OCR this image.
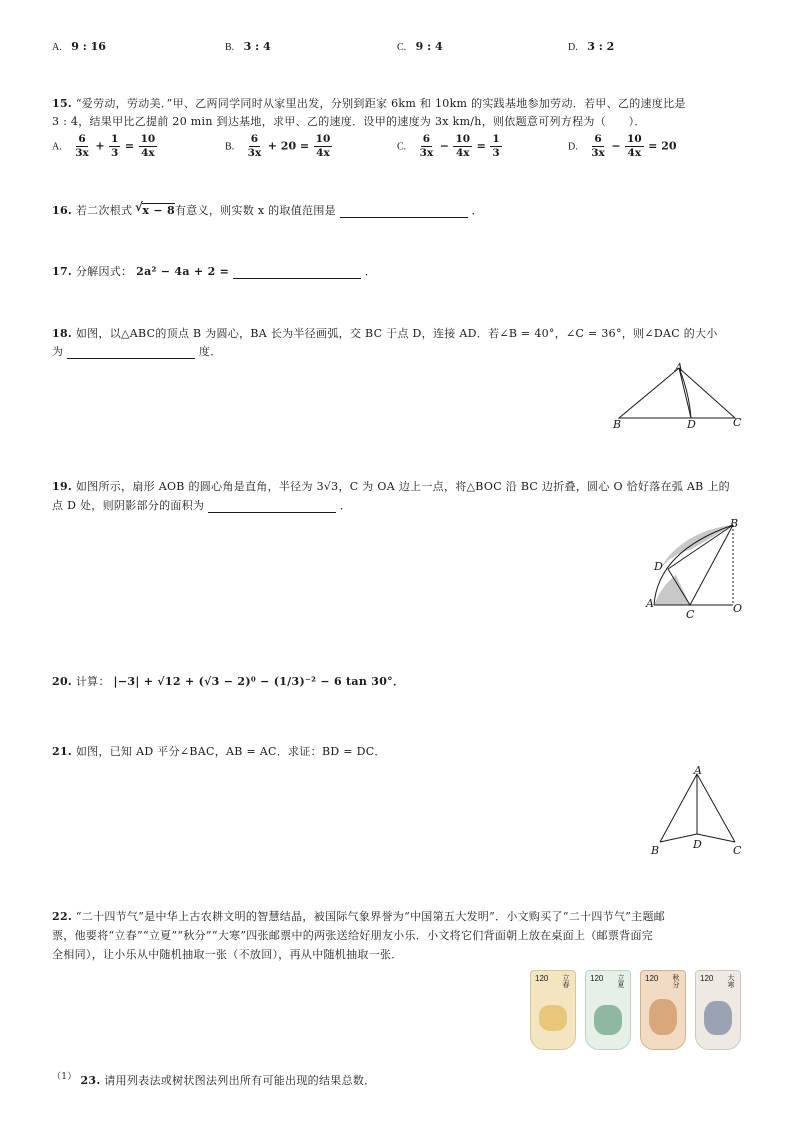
A. 9 : 16	B. 3 : 4	C. 9 : 4	D. 3 : 2
15. “爱劳动，劳动美．”甲、乙两同学同时从家里出发，分别到距家 6km 和 10km 的实践基地参加劳动．若甲、乙的速度比是
3 : 4，结果甲比乙提前 20 min 到达基地，求甲、乙的速度．设甲的速度为 3x km/h，则依题意可列方程为（　　）．
A. $\frac{6}{3x} + \frac{1}{3} = \frac{10}{4x}$	B. $\frac{6}{3x} + 20 = \frac{10}{4x}$	C. $\frac{6}{3x} - \frac{10}{4x} = \frac{1}{3}$	D. $\frac{6}{3x} - \frac{10}{4x} = 20$
16. 若二次根式 x − 8有意义，则实数 x 的取值范围是	．
√
17. 分解因式： 2a² − 4a + 2 =	．
18. 如图，以△ABC的顶点 B 为圆心，BA 长为半径画弧，交 BC 于点 D，连接 AD．若∠B = 40°，∠C = 36°，则∠DAC 的大小
为	度．
A
B	D	C
19. 如图所示，扇形 AOB 的圆心角是直角，半径为 3√3，C 为 OA 边上一点，将△BOC 沿 BC 边折叠，圆心 O 恰好落在弧 AB 上的
点 D 处，则阴影部分的面积为	．
B
D
A
C	O
20. 计算： |−3| + √12 + (√3 − 2)⁰ − (1/3)⁻² − 6 tan 30°．
21. 如图，已知 AD 平分∠BAC，AB = AC．求证：BD = DC．
A
B	D	C
22. “二十四节气”是中华上古农耕文明的智慧结晶，被国际气象界誉为“中国第五大发明”．小文购买了“二十四节气”主题邮
票，他要将“立春”“立夏”“秋分”“大寒”四张邮票中的两张送给好朋友小乐．小文将它们背面朝上放在桌面上（邮票背面完
全相同），让小乐从中随机抽取一张（不放回），再从中随机抽取一张．
120 立春	120 立夏	120 秋分	120 大寒
$^{(1)}$ 23. 请用列表法或树状图法列出所有可能出现的结果总数．
